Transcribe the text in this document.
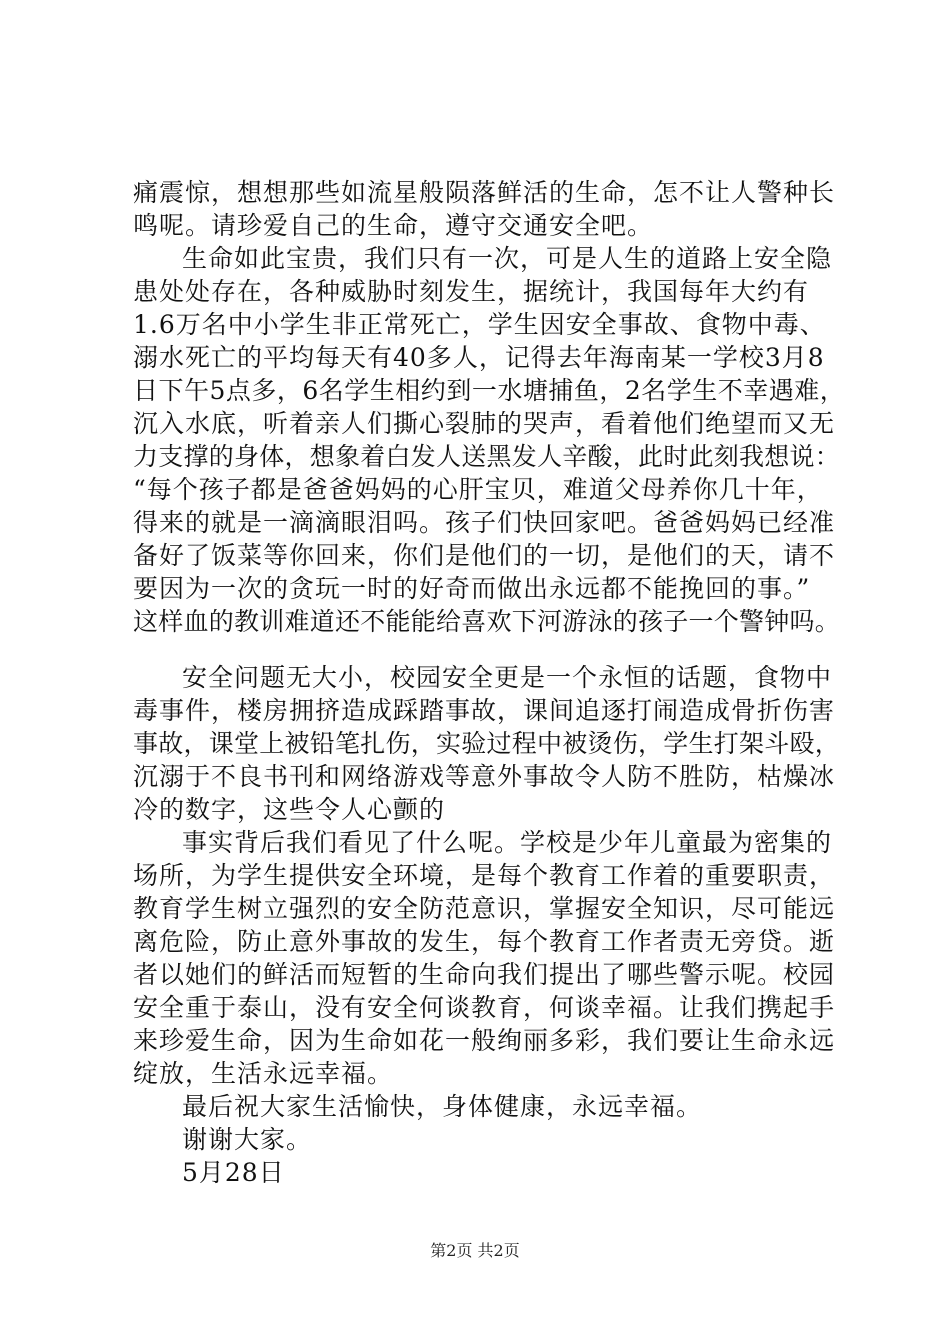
痛震惊，想想那些如流星般陨落鲜活的生命，怎不让人警种长
鸣呢。请珍爱自己的生命，遵守交通安全吧。
生命如此宝贵，我们只有一次，可是人生的道路上安全隐
患处处存在，各种威胁时刻发生，据统计，我国每年大约有
1.6万名中小学生非正常死亡，学生因安全事故、食物中毒、
溺水死亡的平均每天有40多人，记得去年海南某一学校3月8
日下午5点多，6名学生相约到一水塘捕鱼，2名学生不幸遇难，
沉入水底，听着亲人们撕心裂肺的哭声，看着他们绝望而又无
力支撑的身体，想象着白发人送黑发人辛酸，此时此刻我想说：
“每个孩子都是爸爸妈妈的心肝宝贝，难道父母养你几十年，
得来的就是一滴滴眼泪吗。孩子们快回家吧。爸爸妈妈已经准
备好了饭菜等你回来，你们是他们的一切，是他们的天，请不
要因为一次的贪玩一时的好奇而做出永远都不能挽回的事。”
这样血的教训难道还不能能给喜欢下河游泳的孩子一个警钟吗。
安全问题无大小，校园安全更是一个永恒的话题，食物中
毒事件，楼房拥挤造成踩踏事故，课间追逐打闹造成骨折伤害
事故，课堂上被铅笔扎伤，实验过程中被烫伤，学生打架斗殴，
沉溺于不良书刊和网络游戏等意外事故令人防不胜防，枯燥冰
冷的数字，这些令人心颤的
事实背后我们看见了什么呢。学校是少年儿童最为密集的
场所，为学生提供安全环境，是每个教育工作着的重要职责，
教育学生树立强烈的安全防范意识，掌握安全知识，尽可能远
离危险，防止意外事故的发生，每个教育工作者责无旁贷。逝
者以她们的鲜活而短暂的生命向我们提出了哪些警示呢。校园
安全重于泰山，没有安全何谈教育，何谈幸福。让我们携起手
来珍爱生命，因为生命如花一般绚丽多彩，我们要让生命永远
绽放，生活永远幸福。
最后祝大家生活愉快，身体健康，永远幸福。
谢谢大家。
5月28日
第2页 共2页
